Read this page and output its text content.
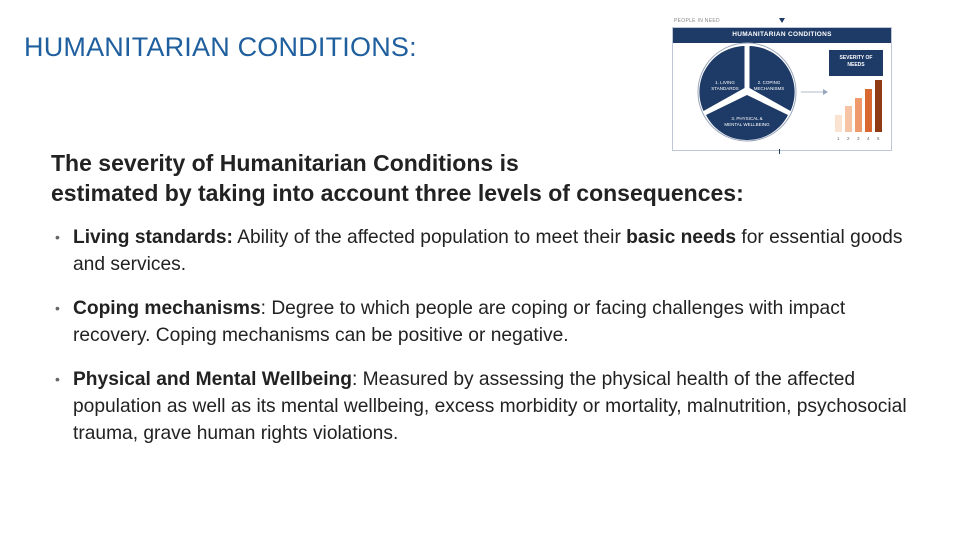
HUMANITARIAN CONDITIONS:
PEOPLE IN NEED
HUMANITARIAN CONDITIONS
1. LIVING
STANDARDS
2. COPING
MECHANISMS
3. PHYSICAL &
MENTAL WELLBEING
SEVERITY OF
NEEDS
1 2 3 4 5

The severity of Humanitarian Conditions is
estimated by taking into account three levels of consequences:

• Living standards: Ability of the affected population to meet their basic needs for essential goods and services.
• Coping mechanisms: Degree to which people are coping or facing challenges with impact recovery. Coping mechanisms can be positive or negative.
• Physical and Mental Wellbeing: Measured by assessing the physical health of the affected population as well as its mental wellbeing, excess morbidity or mortality, malnutrition, psychosocial trauma, grave human rights violations.
